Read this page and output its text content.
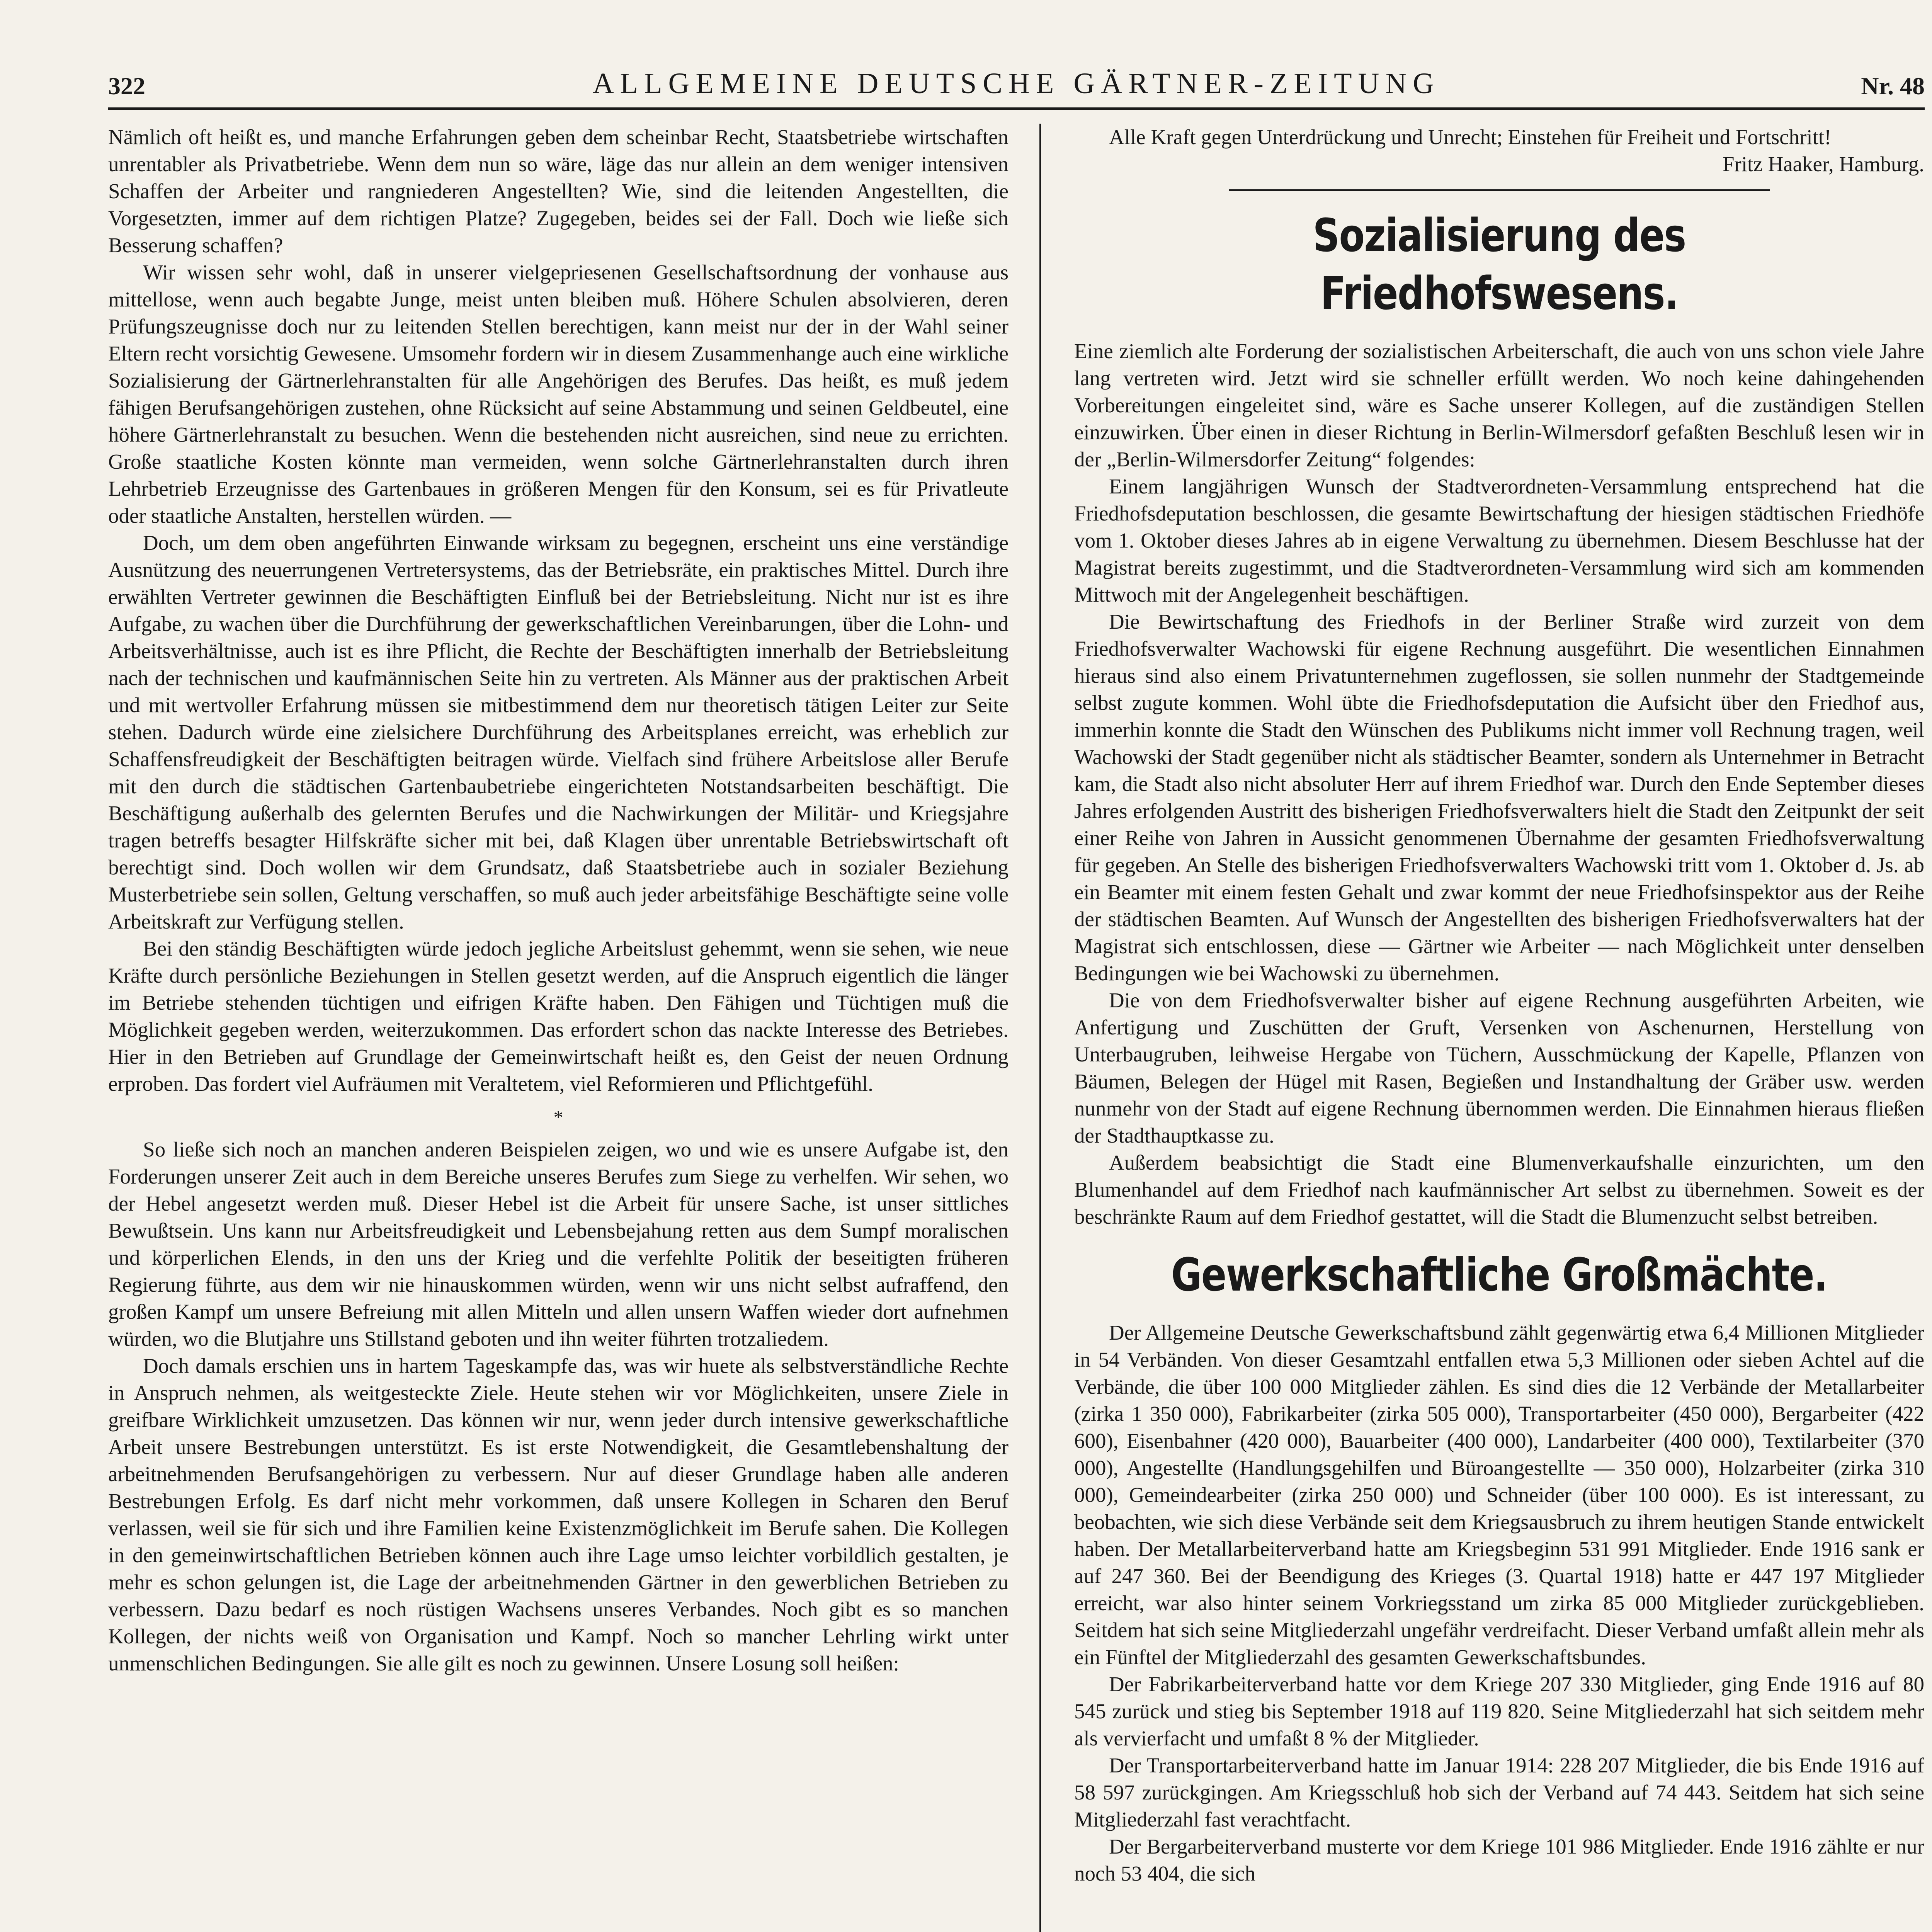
322	ALLGEMEINE DEUTSCHE GÄRTNER-ZEITUNG	Nr. 48

Nämlich oft heißt es, und manche Erfahrungen geben dem scheinbar Recht, Staatsbetriebe wirtschaften unrentabler als Privatbetriebe. Wenn dem nun so wäre, läge das nur allein an dem weniger intensiven Schaffen der Arbeiter und rangniederen Angestellten? Wie, sind die leitenden Angestellten, die Vorgesetzten, immer auf dem richtigen Platze? Zugegeben, beides sei der Fall. Doch wie ließe sich Besserung schaffen?

Wir wissen sehr wohl, daß in unserer vielgepriesenen Gesellschaftsordnung der vonhause aus mittellose, wenn auch begabte Junge, meist unten bleiben muß. Höhere Schulen absolvieren, deren Prüfungszeugnisse doch nur zu leitenden Stellen berechtigen, kann meist nur der in der Wahl seiner Eltern recht vorsichtig Gewesene. Umsomehr fordern wir in diesem Zusammenhange auch eine wirkliche Sozialisierung der Gärtnerlehranstalten für alle Angehörigen des Berufes. Das heißt, es muß jedem fähigen Berufsangehörigen zustehen, ohne Rücksicht auf seine Abstammung und seinen Geldbeutel, eine höhere Gärtnerlehranstalt zu besuchen. Wenn die bestehenden nicht ausreichen, sind neue zu errichten. Große staatliche Kosten könnte man vermeiden, wenn solche Gärtnerlehranstalten durch ihren Lehrbetrieb Erzeugnisse des Gartenbaues in größeren Mengen für den Konsum, sei es für Privatleute oder staatliche Anstalten, herstellen würden. —

Doch, um dem oben angeführten Einwande wirksam zu begegnen, erscheint uns eine verständige Ausnützung des neuerrungenen Vertretersystems, das der Betriebsräte, ein praktisches Mittel. Durch ihre erwählten Vertreter gewinnen die Beschäftigten Einfluß bei der Betriebsleitung. Nicht nur ist es ihre Aufgabe, zu wachen über die Durchführung der gewerkschaftlichen Vereinbarungen, über die Lohn- und Arbeitsverhältnisse, auch ist es ihre Pflicht, die Rechte der Beschäftigten innerhalb der Betriebsleitung nach der technischen und kaufmännischen Seite hin zu vertreten. Als Männer aus der praktischen Arbeit und mit wertvoller Erfahrung müssen sie mitbestimmend dem nur theoretisch tätigen Leiter zur Seite stehen. Dadurch würde eine zielsichere Durchführung des Arbeitsplanes erreicht, was erheblich zur Schaffensfreudigkeit der Beschäftigten beitragen würde. Vielfach sind frühere Arbeitslose aller Berufe mit den durch die städtischen Gartenbaubetriebe eingerichteten Notstandsarbeiten beschäftigt. Die Beschäftigung außerhalb des gelernten Berufes und die Nachwirkungen der Militär- und Kriegsjahre tragen betreffs besagter Hilfskräfte sicher mit bei, daß Klagen über unrentable Betriebswirtschaft oft berechtigt sind. Doch wollen wir dem Grundsatz, daß Staatsbetriebe auch in sozialer Beziehung Musterbetriebe sein sollen, Geltung verschaffen, so muß auch jeder arbeitsfähige Beschäftigte seine volle Arbeitskraft zur Verfügung stellen.

Bei den ständig Beschäftigten würde jedoch jegliche Arbeitslust gehemmt, wenn sie sehen, wie neue Kräfte durch persönliche Beziehungen in Stellen gesetzt werden, auf die Anspruch eigentlich die länger im Betriebe stehenden tüchtigen und eifrigen Kräfte haben. Den Fähigen und Tüchtigen muß die Möglichkeit gegeben werden, weiterzukommen. Das erfordert schon das nackte Interesse des Betriebes. Hier in den Betrieben auf Grundlage der Gemeinwirtschaft heißt es, den Geist der neuen Ordnung erproben. Das fordert viel Aufräumen mit Veraltetem, viel Reformieren und Pflichtgefühl.

*

So ließe sich noch an manchen anderen Beispielen zeigen, wo und wie es unsere Aufgabe ist, den Forderungen unserer Zeit auch in dem Bereiche unseres Berufes zum Siege zu verhelfen. Wir sehen, wo der Hebel angesetzt werden muß. Dieser Hebel ist die Arbeit für unsere Sache, ist unser sittliches Bewußtsein. Uns kann nur Arbeitsfreudigkeit und Lebensbejahung retten aus dem Sumpf moralischen und körperlichen Elends, in den uns der Krieg und die verfehlte Politik der beseitigten früheren Regierung führte, aus dem wir nie hinauskommen würden, wenn wir uns nicht selbst aufraffend, den großen Kampf um unsere Befreiung mit allen Mitteln und allen unsern Waffen wieder dort aufnehmen würden, wo die Blutjahre uns Stillstand geboten und ihn weiter führten trotzaliedem.

Doch damals erschien uns in hartem Tageskampfe das, was wir huete als selbstverständliche Rechte in Anspruch nehmen, als weitgesteckte Ziele. Heute stehen wir vor Möglichkeiten, unsere Ziele in greifbare Wirklichkeit umzusetzen. Das können wir nur, wenn jeder durch intensive gewerkschaftliche Arbeit unsere Bestrebungen unterstützt. Es ist erste Notwendigkeit, die Gesamtlebenshaltung der arbeitnehmenden Berufsangehörigen zu verbessern. Nur auf dieser Grundlage haben alle anderen Bestrebungen Erfolg. Es darf nicht mehr vorkommen, daß unsere Kollegen in Scharen den Beruf verlassen, weil sie für sich und ihre Familien keine Existenzmöglichkeit im Berufe sahen. Die Kollegen in den gemeinwirtschaftlichen Betrieben können auch ihre Lage umso leichter vorbildlich gestalten, je mehr es schon gelungen ist, die Lage der arbeitnehmenden Gärtner in den gewerblichen Betrieben zu verbessern. Dazu bedarf es noch rüstigen Wachsens unseres Verbandes. Noch gibt es so manchen Kollegen, der nichts weiß von Organisation und Kampf. Noch so mancher Lehrling wirkt unter unmenschlichen Bedingungen. Sie alle gilt es noch zu gewinnen. Unsere Losung soll heißen:

Alle Kraft gegen Unterdrückung und Unrecht; Einstehen für Freiheit und Fortschritt!

Fritz Haaker, Hamburg.
Sozialisierung des Friedhofswesens.

Eine ziemlich alte Forderung der sozialistischen Arbeiterschaft, die auch von uns schon viele Jahre lang vertreten wird. Jetzt wird sie schneller erfüllt werden. Wo noch keine dahingehenden Vorbereitungen eingeleitet sind, wäre es Sache unserer Kollegen, auf die zuständigen Stellen einzuwirken. Über einen in dieser Richtung in Berlin-Wilmersdorf gefaßten Beschluß lesen wir in der „Berlin-Wilmersdorfer Zeitung“ folgendes:

Einem langjährigen Wunsch der Stadtverordneten-Versammlung entsprechend hat die Friedhofsdeputation beschlossen, die gesamte Bewirtschaftung der hiesigen städtischen Friedhöfe vom 1. Oktober dieses Jahres ab in eigene Verwaltung zu übernehmen. Diesem Beschlusse hat der Magistrat bereits zugestimmt, und die Stadtverordneten-Versammlung wird sich am kommenden Mittwoch mit der Angelegenheit beschäftigen.

Die Bewirtschaftung des Friedhofs in der Berliner Straße wird zurzeit von dem Friedhofsverwalter Wachowski für eigene Rechnung ausgeführt. Die wesentlichen Einnahmen hieraus sind also einem Privatunternehmen zugeflossen, sie sollen nunmehr der Stadtgemeinde selbst zugute kommen. Wohl übte die Friedhofsdeputation die Aufsicht über den Friedhof aus, immerhin konnte die Stadt den Wünschen des Publikums nicht immer voll Rechnung tragen, weil Wachowski der Stadt gegenüber nicht als städtischer Beamter, sondern als Unternehmer in Betracht kam, die Stadt also nicht absoluter Herr auf ihrem Friedhof war. Durch den Ende September dieses Jahres erfolgenden Austritt des bisherigen Friedhofsverwalters hielt die Stadt den Zeitpunkt der seit einer Reihe von Jahren in Aussicht genommenen Übernahme der gesamten Friedhofsverwaltung für gegeben. An Stelle des bisherigen Friedhofsverwalters Wachowski tritt vom 1. Oktober d. Js. ab ein Beamter mit einem festen Gehalt und zwar kommt der neue Friedhofsinspektor aus der Reihe der städtischen Beamten. Auf Wunsch der Angestellten des bisherigen Friedhofsverwalters hat der Magistrat sich entschlossen, diese — Gärtner wie Arbeiter — nach Möglichkeit unter denselben Bedingungen wie bei Wachowski zu übernehmen.

Die von dem Friedhofsverwalter bisher auf eigene Rechnung ausgeführten Arbeiten, wie Anfertigung und Zuschütten der Gruft, Versenken von Aschenurnen, Herstellung von Unterbaugruben, leihweise Hergabe von Tüchern, Ausschmückung der Kapelle, Pflanzen von Bäumen, Belegen der Hügel mit Rasen, Begießen und Instandhaltung der Gräber usw. werden nunmehr von der Stadt auf eigene Rechnung übernommen werden. Die Einnahmen hieraus fließen der Stadthauptkasse zu.

Außerdem beabsichtigt die Stadt eine Blumenverkaufshalle einzurichten, um den Blumenhandel auf dem Friedhof nach kaufmännischer Art selbst zu übernehmen. Soweit es der beschränkte Raum auf dem Friedhof gestattet, will die Stadt die Blumenzucht selbst betreiben.

Gewerkschaftliche Großmächte.

Der Allgemeine Deutsche Gewerkschaftsbund zählt gegenwärtig etwa 6,4 Millionen Mitglieder in 54 Verbänden. Von dieser Gesamtzahl entfallen etwa 5,3 Millionen oder sieben Achtel auf die Verbände, die über 100 000 Mitglieder zählen. Es sind dies die 12 Verbände der Metallarbeiter (zirka 1 350 000), Fabrikarbeiter (zirka 505 000), Transportarbeiter (450 000), Bergarbeiter (422 600), Eisenbahner (420 000), Bauarbeiter (400 000), Landarbeiter (400 000), Textilarbeiter (370 000), Angestellte (Handlungsgehilfen und Büroangestellte — 350 000), Holzarbeiter (zirka 310 000), Gemeindearbeiter (zirka 250 000) und Schneider (über 100 000). Es ist interessant, zu beobachten, wie sich diese Verbände seit dem Kriegsausbruch zu ihrem heutigen Stande entwickelt haben. Der Metallarbeiterverband hatte am Kriegsbeginn 531 991 Mitglieder. Ende 1916 sank er auf 247 360. Bei der Beendigung des Krieges (3. Quartal 1918) hatte er 447 197 Mitglieder erreicht, war also hinter seinem Vorkriegsstand um zirka 85 000 Mitglieder zurückgeblieben. Seitdem hat sich seine Mitgliederzahl ungefähr verdreifacht. Dieser Verband umfaßt allein mehr als ein Fünftel der Mitgliederzahl des gesamten Gewerkschaftsbundes.

Der Fabrikarbeiterverband hatte vor dem Kriege 207 330 Mitglieder, ging Ende 1916 auf 80 545 zurück und stieg bis September 1918 auf 119 820. Seine Mitgliederzahl hat sich seitdem mehr als vervierfacht und umfaßt 8 % der Mitglieder.

Der Transportarbeiterverband hatte im Januar 1914: 228 207 Mitglieder, die bis Ende 1916 auf 58 597 zurückgingen. Am Kriegsschluß hob sich der Verband auf 74 443. Seitdem hat sich seine Mitgliederzahl fast verachtfacht.

Der Bergarbeiterverband musterte vor dem Kriege 101 986 Mitglieder. Ende 1916 zählte er nur noch 53 404, die sich
